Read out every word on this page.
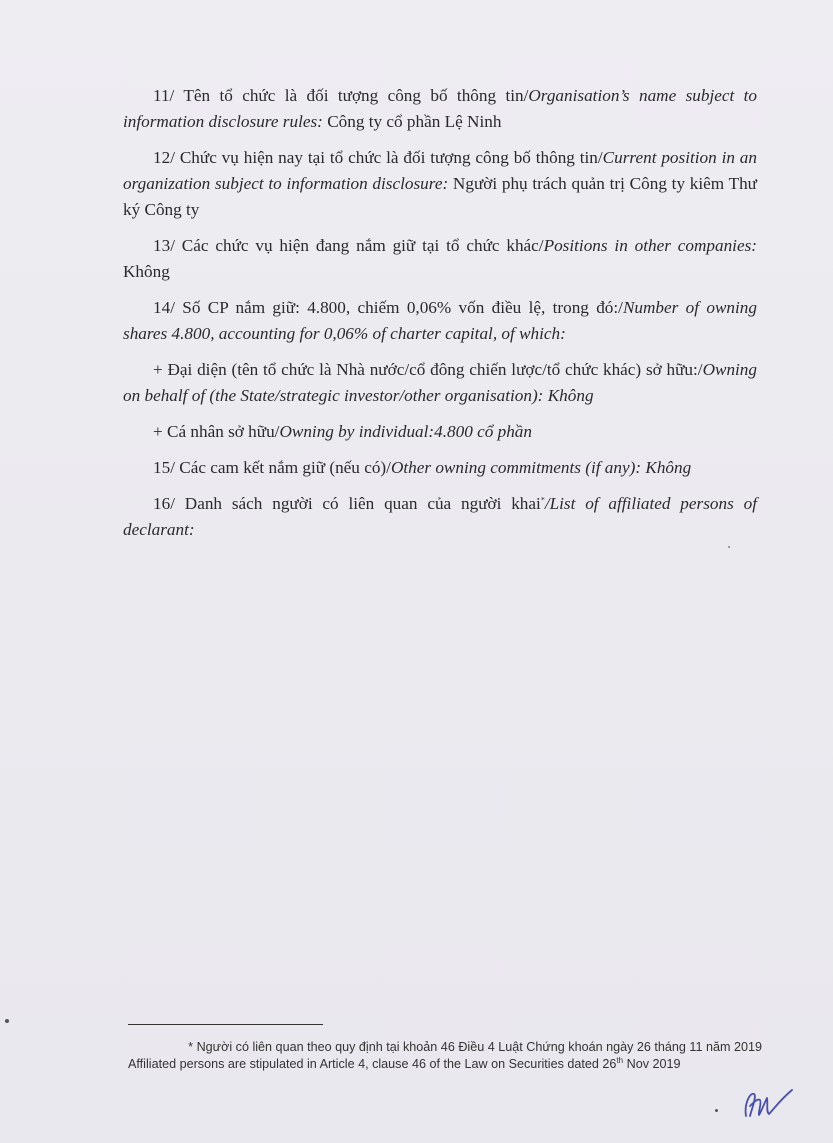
11/ Tên tổ chức là đối tượng công bố thông tin/Organisation’s name subject to information disclosure rules: Công ty cổ phần Lệ Ninh

12/ Chức vụ hiện nay tại tổ chức là đối tượng công bố thông tin/Current position in an organization subject to information disclosure: Người phụ trách quản trị Công ty kiêm Thư ký Công ty

13/ Các chức vụ hiện đang nắm giữ tại tổ chức khác/Positions in other companies: Không

14/ Số CP nắm giữ: 4.800, chiếm 0,06% vốn điều lệ, trong đó:/Number of owning shares 4.800, accounting for 0,06% of charter capital, of which:

+ Đại diện (tên tổ chức là Nhà nước/cổ đông chiến lược/tổ chức khác) sở hữu:/Owning on behalf of (the State/strategic investor/other organisation): Không

+ Cá nhân sở hữu/Owning by individual:4.800 cổ phần

15/ Các cam kết nắm giữ (nếu có)/Other owning commitments (if any): Không

16/ Danh sách người có liên quan của người khai*/List of affiliated persons of declarant:

* Người có liên quan theo quy định tại khoản 46 Điều 4 Luật Chứng khoán ngày 26 tháng 11 năm 2019
Affiliated persons are stipulated in Article 4, clause 46 of the Law on Securities dated 26th Nov 2019
